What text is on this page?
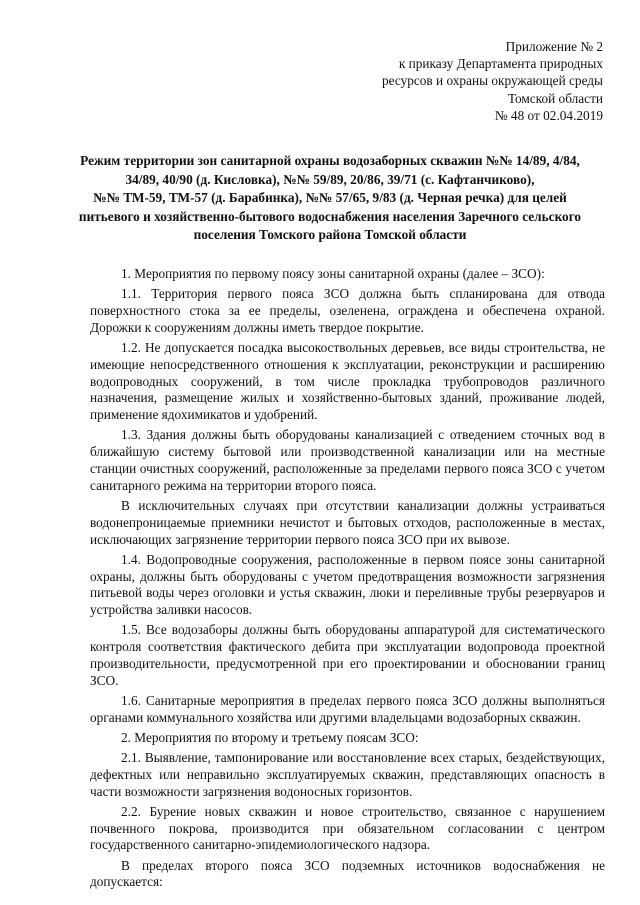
Приложение № 2
к приказу Департамента природных
ресурсов и охраны окружающей среды
Томской области
№ 48 от 02.04.2019
Режим территории зон санитарной охраны водозаборных скважин №№ 14/89, 4/84,
34/89, 40/90 (д. Кисловка), №№ 59/89, 20/86, 39/71 (с. Кафтанчиково),
№№ ТМ-59, ТМ-57 (д. Барабинка), №№ 57/65, 9/83 (д. Черная речка) для целей
питьевого и хозяйственно-бытового водоснабжения населения Заречного сельского
поселения Томского района Томской области

1. Мероприятия по первому поясу зоны санитарной охраны (далее – ЗСО):

1.1. Территория первого пояса ЗСО должна быть спланирована для отвода поверхностного стока за ее пределы, озеленена, ограждена и обеспечена охраной. Дорожки к сооружениям должны иметь твердое покрытие.

1.2. Не допускается посадка высокоствольных деревьев, все виды строительства, не имеющие непосредственного отношения к эксплуатации, реконструкции и расширению водопроводных сооружений, в том числе прокладка трубопроводов различного назначения, размещение жилых и хозяйственно-бытовых зданий, проживание людей, применение ядохимикатов и удобрений.

1.3. Здания должны быть оборудованы канализацией с отведением сточных вод в ближайшую систему бытовой или производственной канализации или на местные станции очистных сооружений, расположенные за пределами первого пояса ЗСО с учетом санитарного режима на территории второго пояса.

В исключительных случаях при отсутствии канализации должны устраиваться водонепроницаемые приемники нечистот и бытовых отходов, расположенные в местах, исключающих загрязнение территории первого пояса ЗСО при их вывозе.

1.4. Водопроводные сооружения, расположенные в первом поясе зоны санитарной охраны, должны быть оборудованы с учетом предотвращения возможности загрязнения питьевой воды через оголовки и устья скважин, люки и переливные трубы резервуаров и устройства заливки насосов.

1.5. Все водозаборы должны быть оборудованы аппаратурой для систематического контроля соответствия фактического дебита при эксплуатации водопровода проектной производительности, предусмотренной при его проектировании и обосновании границ ЗСО.

1.6. Санитарные мероприятия в пределах первого пояса ЗСО должны выполняться органами коммунального хозяйства или другими владельцами водозаборных скважин.

2. Мероприятия по второму и третьему поясам ЗСО:

2.1. Выявление, тампонирование или восстановление всех старых, бездействующих, дефектных или неправильно эксплуатируемых скважин, представляющих опасность в части возможности загрязнения водоносных горизонтов.

2.2. Бурение новых скважин и новое строительство, связанное с нарушением почвенного покрова, производится при обязательном согласовании с центром государственного санитарно-эпидемиологического надзора.

В пределах второго пояса ЗСО подземных источников водоснабжения не допускается:
